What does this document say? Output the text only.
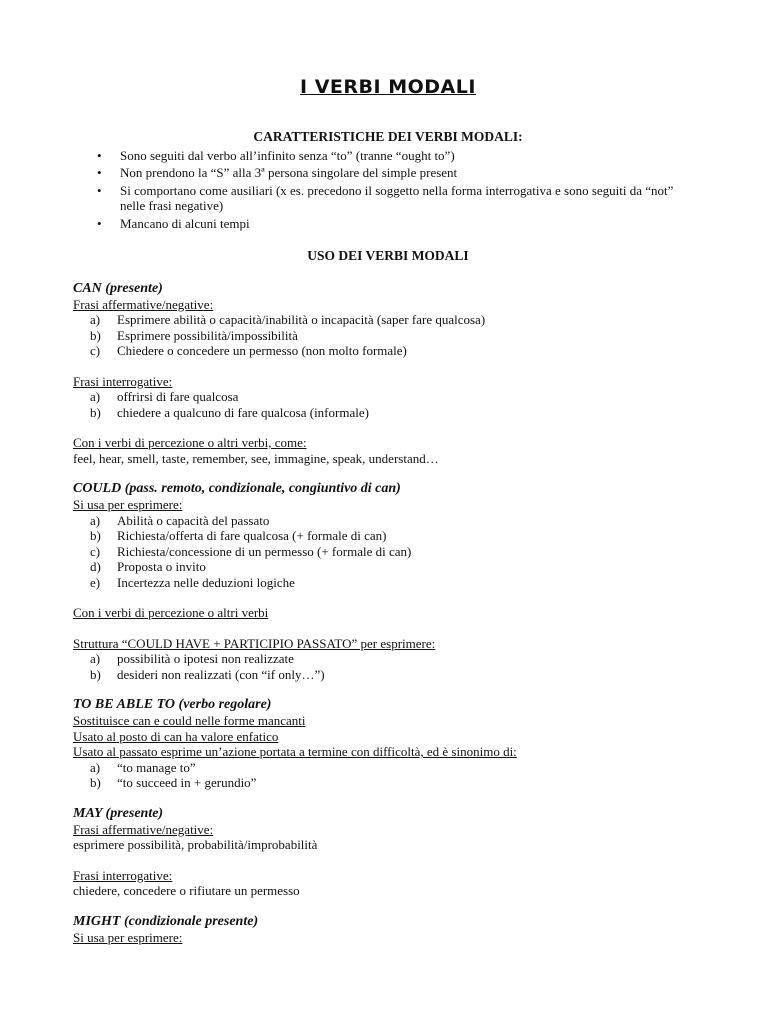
I VERBI MODALI
CARATTERISTICHE DEI VERBI MODALI:
• Sono seguiti dal verbo all’infinito senza “to” (tranne “ought to”)
• Non prendono la “S” alla 3ª persona singolare del simple present
• Si comportano come ausiliari (x es. precedono il soggetto nella forma interrogativa e sono seguiti da “not” nelle frasi negative)
• Mancano di alcuni tempi
USO DEI VERBI MODALI
CAN (presente)
Frasi affermative/negative:
a) Esprimere abilità o capacità/inabilità o incapacità (saper fare qualcosa)
b) Esprimere possibilità/impossibilità
c) Chiedere o concedere un permesso (non molto formale)
Frasi interrogative:
a) offrirsi di fare qualcosa
b) chiedere a qualcuno di fare qualcosa (informale)
Con i verbi di percezione o altri verbi, come:
feel, hear, smell, taste, remember, see, immagine, speak, understand…
COULD (pass. remoto, condizionale, congiuntivo di can)
Si usa per esprimere:
a) Abilità o capacità del passato
b) Richiesta/offerta di fare qualcosa (+ formale di can)
c) Richiesta/concessione di un permesso (+ formale di can)
d) Proposta o invito
e) Incertezza nelle deduzioni logiche
Con i verbi di percezione o altri verbi
Struttura “COULD HAVE + PARTICIPIO PASSATO” per esprimere:
a) possibilità o ipotesi non realizzate
b) desideri non realizzati (con “if only…”)
TO BE ABLE TO (verbo regolare)
Sostituisce can e could nelle forme mancanti
Usato al posto di can ha valore enfatico
Usato al passato esprime un’azione portata a termine con difficoltà, ed è sinonimo di:
a) “to manage to”
b) “to succeed in + gerundio”
MAY (presente)
Frasi affermative/negative:
esprimere possibilità, probabilità/improbabilità
Frasi interrogative:
chiedere, concedere o rifiutare un permesso
MIGHT (condizionale presente)
Si usa per esprimere:
